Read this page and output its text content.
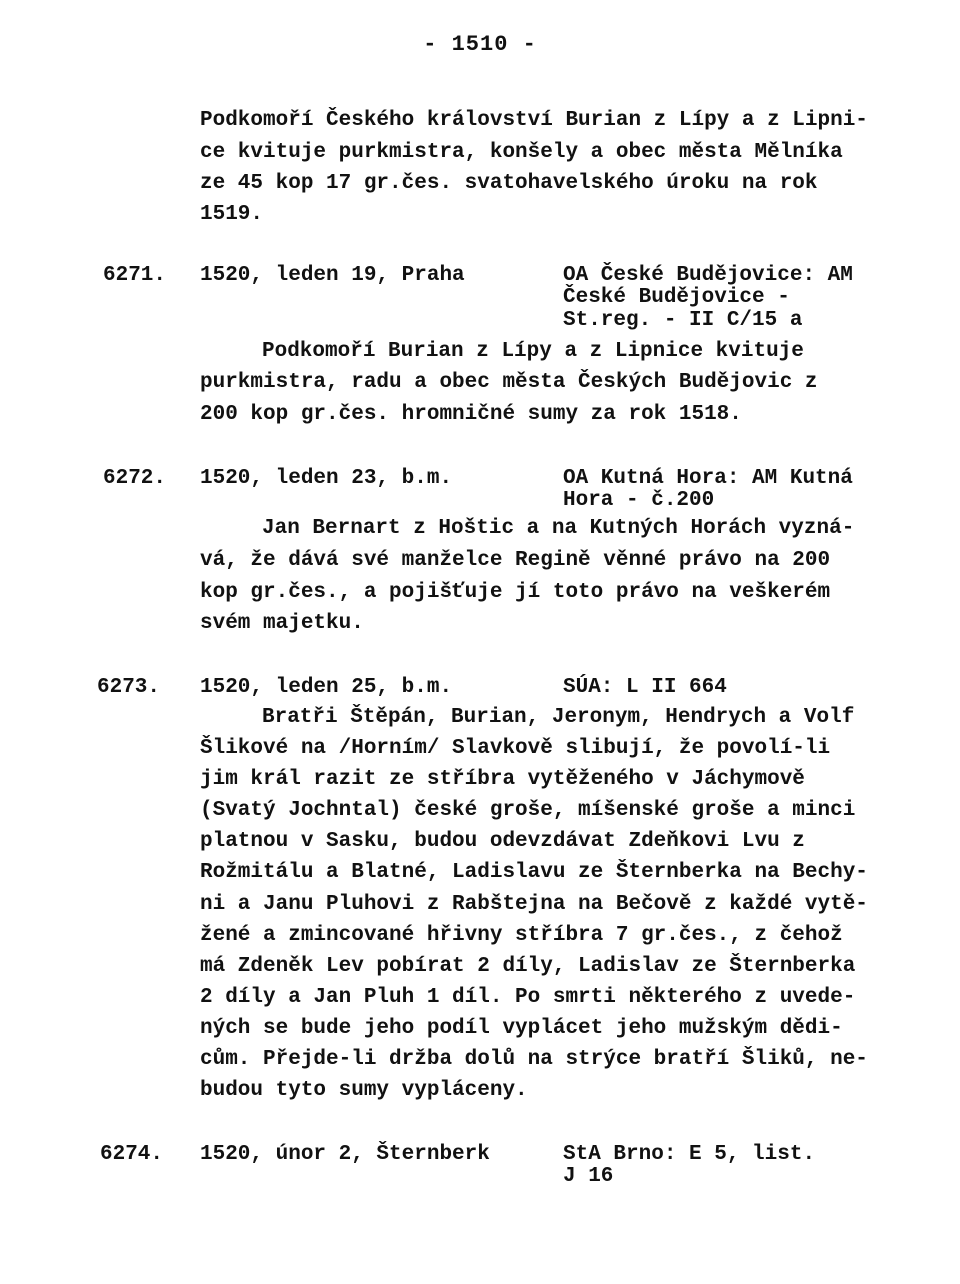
- 1510 -
Podkomoří Českého království Burian z Lípy a z Lipni-
ce kvituje purkmistra, konšely a obec města Mělníka
ze 45 kop 17 gr.čes. svatohavelského úroku na rok
1519.
6271. 1520, leden 19, Praha	OA České Budějovice: AM
České Budějovice -
St.reg. - II C/15 a
Podkomoří Burian z Lípy a z Lipnice kvituje
purkmistra, radu a obec města Českých Budějovic z
200 kop gr.čes. hromničné sumy za rok 1518.
6272. 1520, leden 23, b.m.	OA Kutná Hora: AM Kutná
Hora - č.200
Jan Bernart z Hoštic a na Kutných Horách vyzná-
vá, že dává své manželce Regině věnné právo na 200
kop gr.čes., a pojišťuje jí toto právo na veškerém
svém majetku.
6273. 1520, leden 25, b.m.	SÚA: L II 664
Bratři Štěpán, Burian, Jeronym, Hendrych a Volf
Šlikové na /Horním/ Slavkově slibují, že povolí-li
jim král razit ze stříbra vytěženého v Jáchymově
(Svatý Jochntal) české groše, míšenské groše a minci
platnou v Sasku, budou odevzdávat Zdeňkovi Lvu z
Rožmitálu a Blatné, Ladislavu ze Šternberka na Bechy-
ni a Janu Pluhovi z Rabštejna na Bečově z každé vytě-
žené a zmincované hřivny stříbra 7 gr.čes., z čehož
má Zdeněk Lev pobírat 2 díly, Ladislav ze Šternberka
2 díly a Jan Pluh 1 díl. Po smrti některého z uvede-
ných se bude jeho podíl vyplácet jeho mužským dědi-
cům. Přejde-li držba dolů na strýce bratří Šliků, ne-
budou tyto sumy vypláceny.
6274. 1520, únor 2, Šternberk	StA Brno: E 5, list.
J 16
